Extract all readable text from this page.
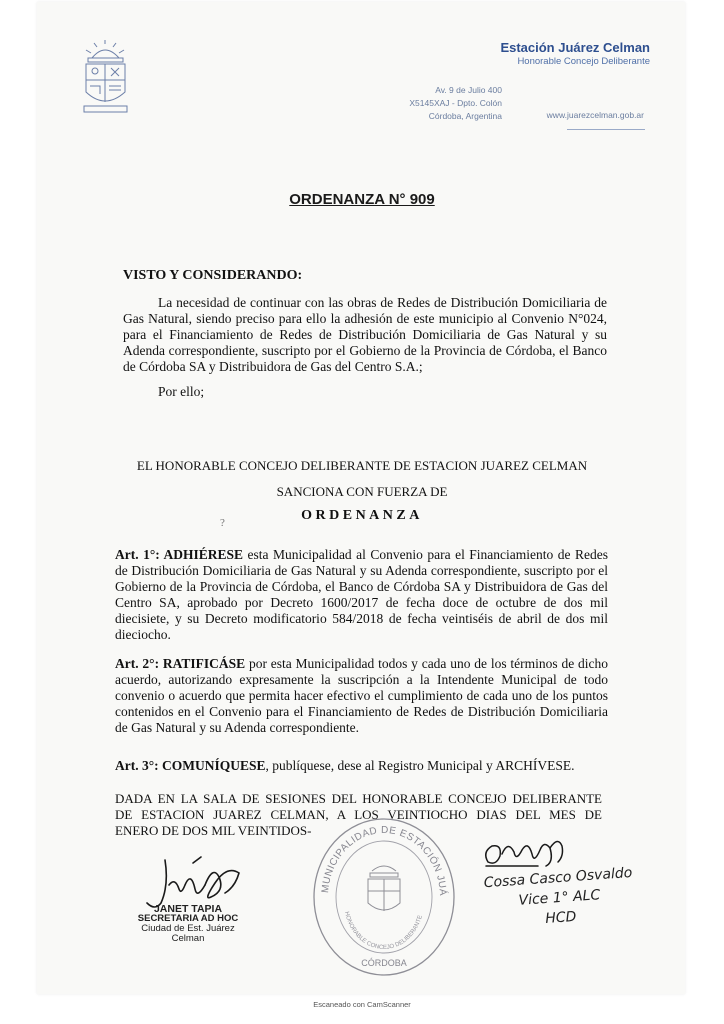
Estación Juárez Celman
Honorable Concejo Deliberante
Av. 9 de Julio 400
X5145XAJ - Dpto. Colón
Córdoba, Argentina	www.juarezcelman.gob.ar
ORDENANZA N° 909
VISTO Y CONSIDERANDO:
La necesidad de continuar con las obras de Redes de Distribución Domiciliaria de Gas Natural, siendo preciso para ello la adhesión de este municipio al Convenio N°024, para el Financiamiento de Redes de Distribución Domiciliaria de Gas Natural y su Adenda correspondiente, suscripto por el Gobierno de la Provincia de Córdoba, el Banco de Córdoba SA y Distribuidora de Gas del Centro S.A.;
Por ello;
EL HONORABLE CONCEJO DELIBERANTE DE ESTACION JUAREZ CELMAN
SANCIONA CON FUERZA DE
ORDENANZA
?
Art. 1°: ADHIÉRESE esta Municipalidad al Convenio para el Financiamiento de Redes de Distribución Domiciliaria de Gas Natural y su Adenda correspondiente, suscripto por el Gobierno de la Provincia de Córdoba, el Banco de Córdoba SA y Distribuidora de Gas del Centro SA, aprobado por Decreto 1600/2017 de fecha doce de octubre de dos mil diecisiete, y su Decreto modificatorio 584/2018 de fecha veintiséis de abril de dos mil dieciocho.
Art. 2°: RATIFICÁSE por esta Municipalidad todos y cada uno de los términos de dicho acuerdo, autorizando expresamente la suscripción a la Intendente Municipal de todo convenio o acuerdo que permita hacer efectivo el cumplimiento de cada uno de los puntos contenidos en el Convenio para el Financiamiento de Redes de Distribución Domiciliaria de Gas Natural y su Adenda correspondiente.
Art. 3°: COMUNÍQUESE, publíquese, dese al Registro Municipal y ARCHÍVESE.
DADA EN LA SALA DE SESIONES DEL HONORABLE CONCEJO DELIBERANTE
DE ESTACION JUAREZ CELMAN, A LOS VEINTIOCHO DIAS DEL MES DE
ENERO DE DOS MIL VEINTIDOS-
JANET TAPIA
SECRETARIA AD HOC
Ciudad de Est. Juárez Celman
MUNICIPALIDAD DE ESTACIÓN JUÁ
HONORABLE CONCEJO DELIBERANTE
CÓRDOBA
Cossa Casco Osvaldo
Vice 1° ALC
HCD
Escaneado con CamScanner
